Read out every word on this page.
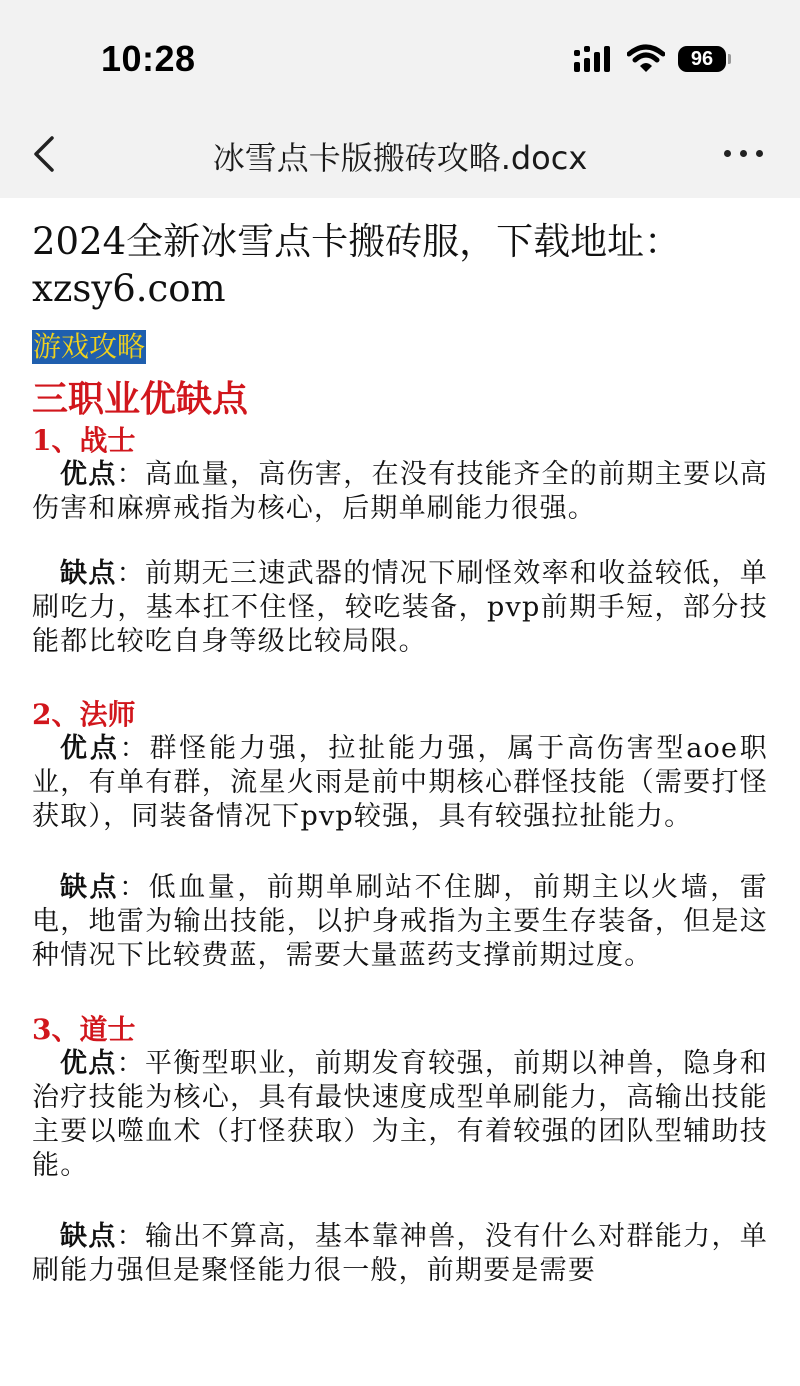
10:28	96
冰雪点卡版搬砖攻略.docx

2024全新冰雪点卡搬砖服，下载地址：xzsy6.com

游戏攻略
三职业优缺点
1、战士

优点：高血量，高伤害，在没有技能齐全的前期主要以高伤害和麻痹戒指为核心，后期单刷能力很强。

缺点：前期无三速武器的情况下刷怪效率和收益较低，单刷吃力，基本扛不住怪，较吃装备，pvp前期手短，部分技能都比较吃自身等级比较局限。

2、法师

优点：群怪能力强，拉扯能力强，属于高伤害型aoe职业，有单有群，流星火雨是前中期核心群怪技能（需要打怪获取），同装备情况下pvp较强，具有较强拉扯能力。

缺点：低血量，前期单刷站不住脚，前期主以火墙，雷电，地雷为输出技能，以护身戒指为主要生存装备，但是这种情况下比较费蓝，需要大量蓝药支撑前期过度。

3、道士

优点：平衡型职业，前期发育较强，前期以神兽，隐身和治疗技能为核心，具有最快速度成型单刷能力，高输出技能主要以噬血术（打怪获取）为主，有着较强的团队型辅助技能。

缺点：输出不算高，基本靠神兽，没有什么对群能力，单刷能力强但是聚怪能力很一般，前期要是需要
